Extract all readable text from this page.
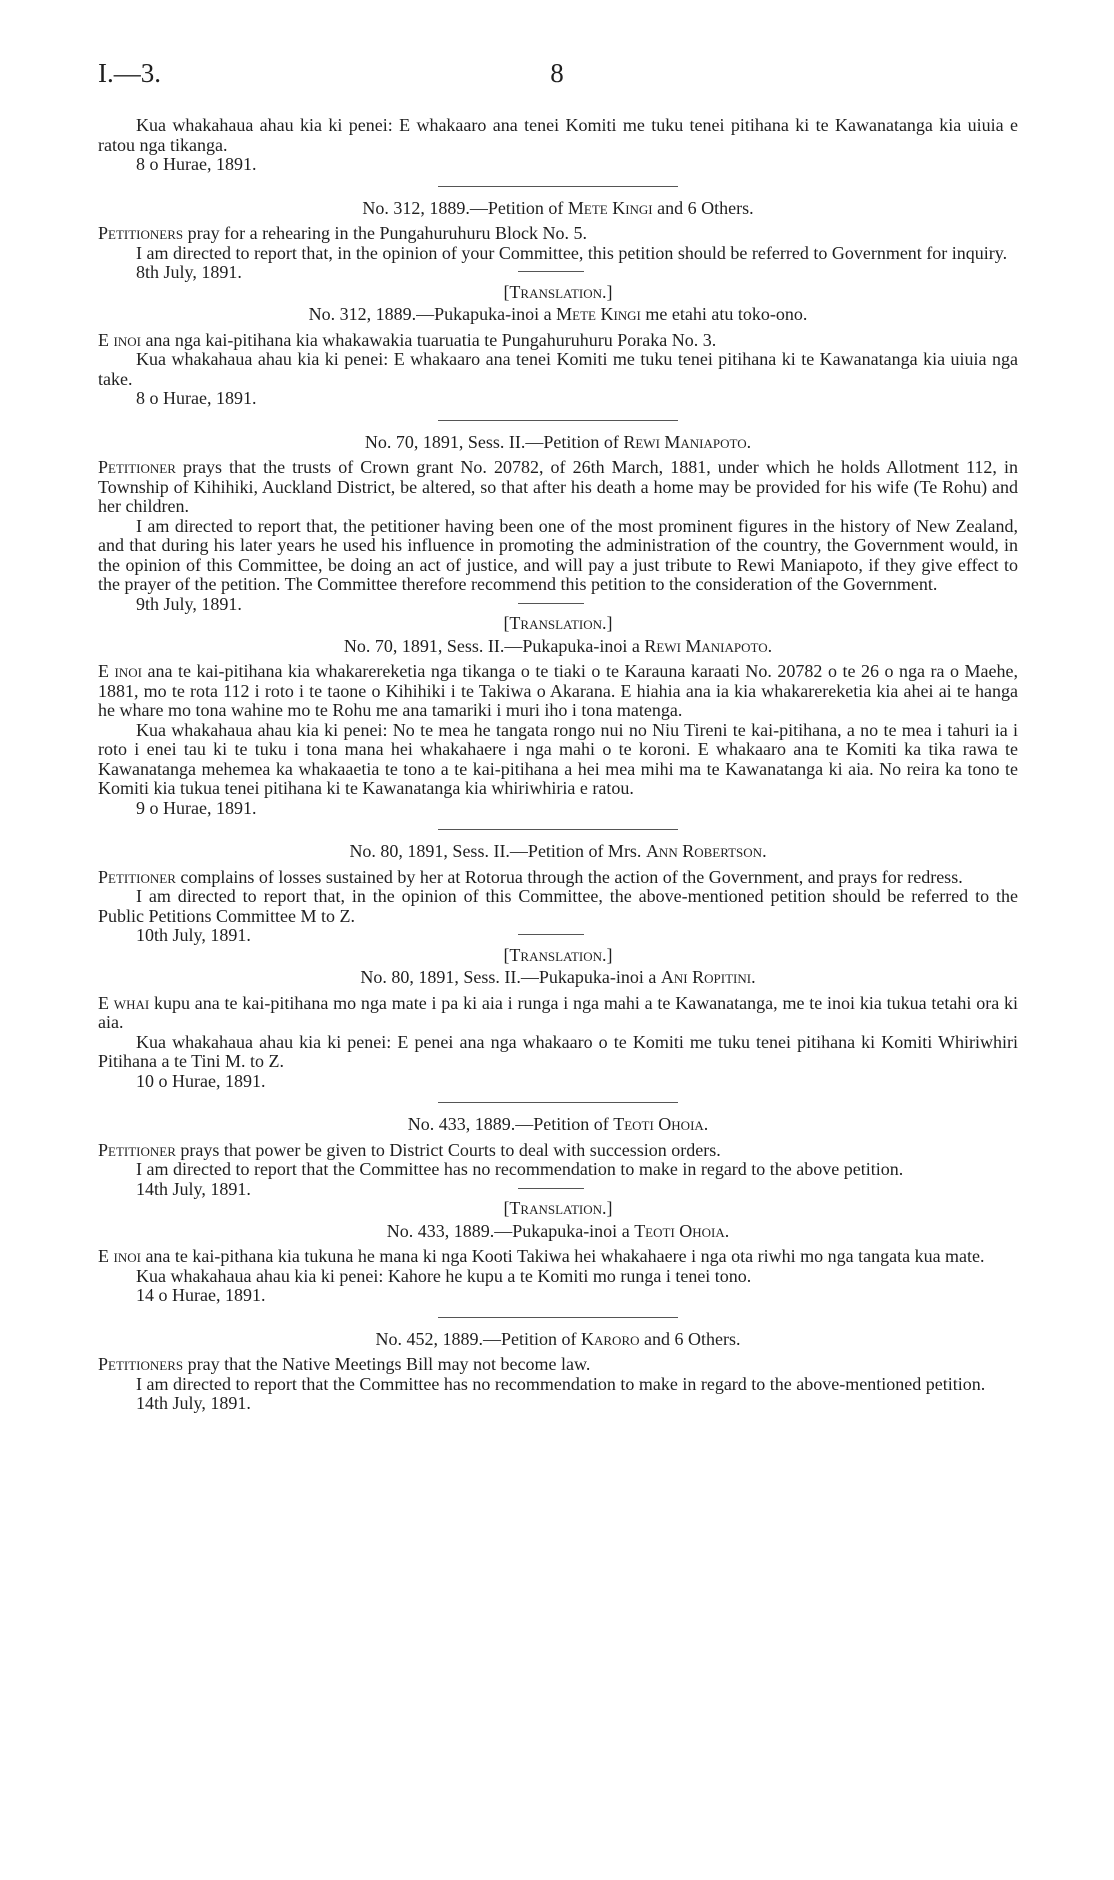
I.—3.	8

Kua whakahaua ahau kia ki penei: E whakaaro ana tenei Komiti me tuku tenei pitihana ki te Kawanatanga kia uiuia e ratou nga tikanga.

8 o Hurae, 1891.
No. 312, 1889.—Petition of Mete Kingi and 6 Others.

Petitioners pray for a rehearing in the Pungahuruhuru Block No. 5.

I am directed to report that, in the opinion of your Committee, this petition should be referred to Government for inquiry.

8th July, 1891.
[Translation.]
No. 312, 1889.—Pukapuka-inoi a Mete Kingi me etahi atu toko-ono.

E inoi ana nga kai-pitihana kia whakawakia tuaruatia te Pungahuruhuru Poraka No. 3.

Kua whakahaua ahau kia ki penei: E whakaaro ana tenei Komiti me tuku tenei pitihana ki te Kawanatanga kia uiuia nga take.

8 o Hurae, 1891.
No. 70, 1891, Sess. II.—Petition of Rewi Maniapoto.

Petitioner prays that the trusts of Crown grant No. 20782, of 26th March, 1881, under which he holds Allotment 112, in Township of Kihihiki, Auckland District, be altered, so that after his death a home may be provided for his wife (Te Rohu) and her children.

I am directed to report that, the petitioner having been one of the most prominent figures in the history of New Zealand, and that during his later years he used his influence in promoting the administration of the country, the Government would, in the opinion of this Committee, be doing an act of justice, and will pay a just tribute to Rewi Maniapoto, if they give effect to the prayer of the petition. The Committee therefore recommend this petition to the consideration of the Government.

9th July, 1891.
[Translation.]
No. 70, 1891, Sess. II.—Pukapuka-inoi a Rewi Maniapoto.

E inoi ana te kai-pitihana kia whakarereketia nga tikanga o te tiaki o te Karauna karaati No. 20782 o te 26 o nga ra o Maehe, 1881, mo te rota 112 i roto i te taone o Kihihiki i te Takiwa o Akarana. E hiahia ana ia kia whakarereketia kia ahei ai te hanga he whare mo tona wahine mo te Rohu me ana tamariki i muri iho i tona matenga.

Kua whakahaua ahau kia ki penei: No te mea he tangata rongo nui no Niu Tireni te kai-pitihana, a no te mea i tahuri ia i roto i enei tau ki te tuku i tona mana hei whakahaere i nga mahi o te koroni. E whakaaro ana te Komiti ka tika rawa te Kawanatanga mehemea ka whakaaetia te tono a te kai-pitihana a hei mea mihi ma te Kawanatanga ki aia. No reira ka tono te Komiti kia tukua tenei pitihana ki te Kawanatanga kia whiriwhiria e ratou.

9 o Hurae, 1891.
No. 80, 1891, Sess. II.—Petition of Mrs. Ann Robertson.

Petitioner complains of losses sustained by her at Rotorua through the action of the Government, and prays for redress.

I am directed to report that, in the opinion of this Committee, the above-mentioned petition should be referred to the Public Petitions Committee M to Z.

10th July, 1891.
[Translation.]
No. 80, 1891, Sess. II.—Pukapuka-inoi a Ani Ropitini.

E whai kupu ana te kai-pitihana mo nga mate i pa ki aia i runga i nga mahi a te Kawanatanga, me te inoi kia tukua tetahi ora ki aia.

Kua whakahaua ahau kia ki penei: E penei ana nga whakaaro o te Komiti me tuku tenei pitihana ki Komiti Whiriwhiri Pitihana a te Tini M. to Z.

10 o Hurae, 1891.
No. 433, 1889.—Petition of Teoti Ohoia.

Petitioner prays that power be given to District Courts to deal with succession orders.

I am directed to report that the Committee has no recommendation to make in regard to the above petition.

14th July, 1891.
[Translation.]
No. 433, 1889.—Pukapuka-inoi a Teoti Ohoia.

E inoi ana te kai-pithana kia tukuna he mana ki nga Kooti Takiwa hei whakahaere i nga ota riwhi mo nga tangata kua mate.

Kua whakahaua ahau kia ki penei: Kahore he kupu a te Komiti mo runga i tenei tono.

14 o Hurae, 1891.
No. 452, 1889.—Petition of Karoro and 6 Others.

Petitioners pray that the Native Meetings Bill may not become law.

I am directed to report that the Committee has no recommendation to make in regard to the above-mentioned petition.

14th July, 1891.
